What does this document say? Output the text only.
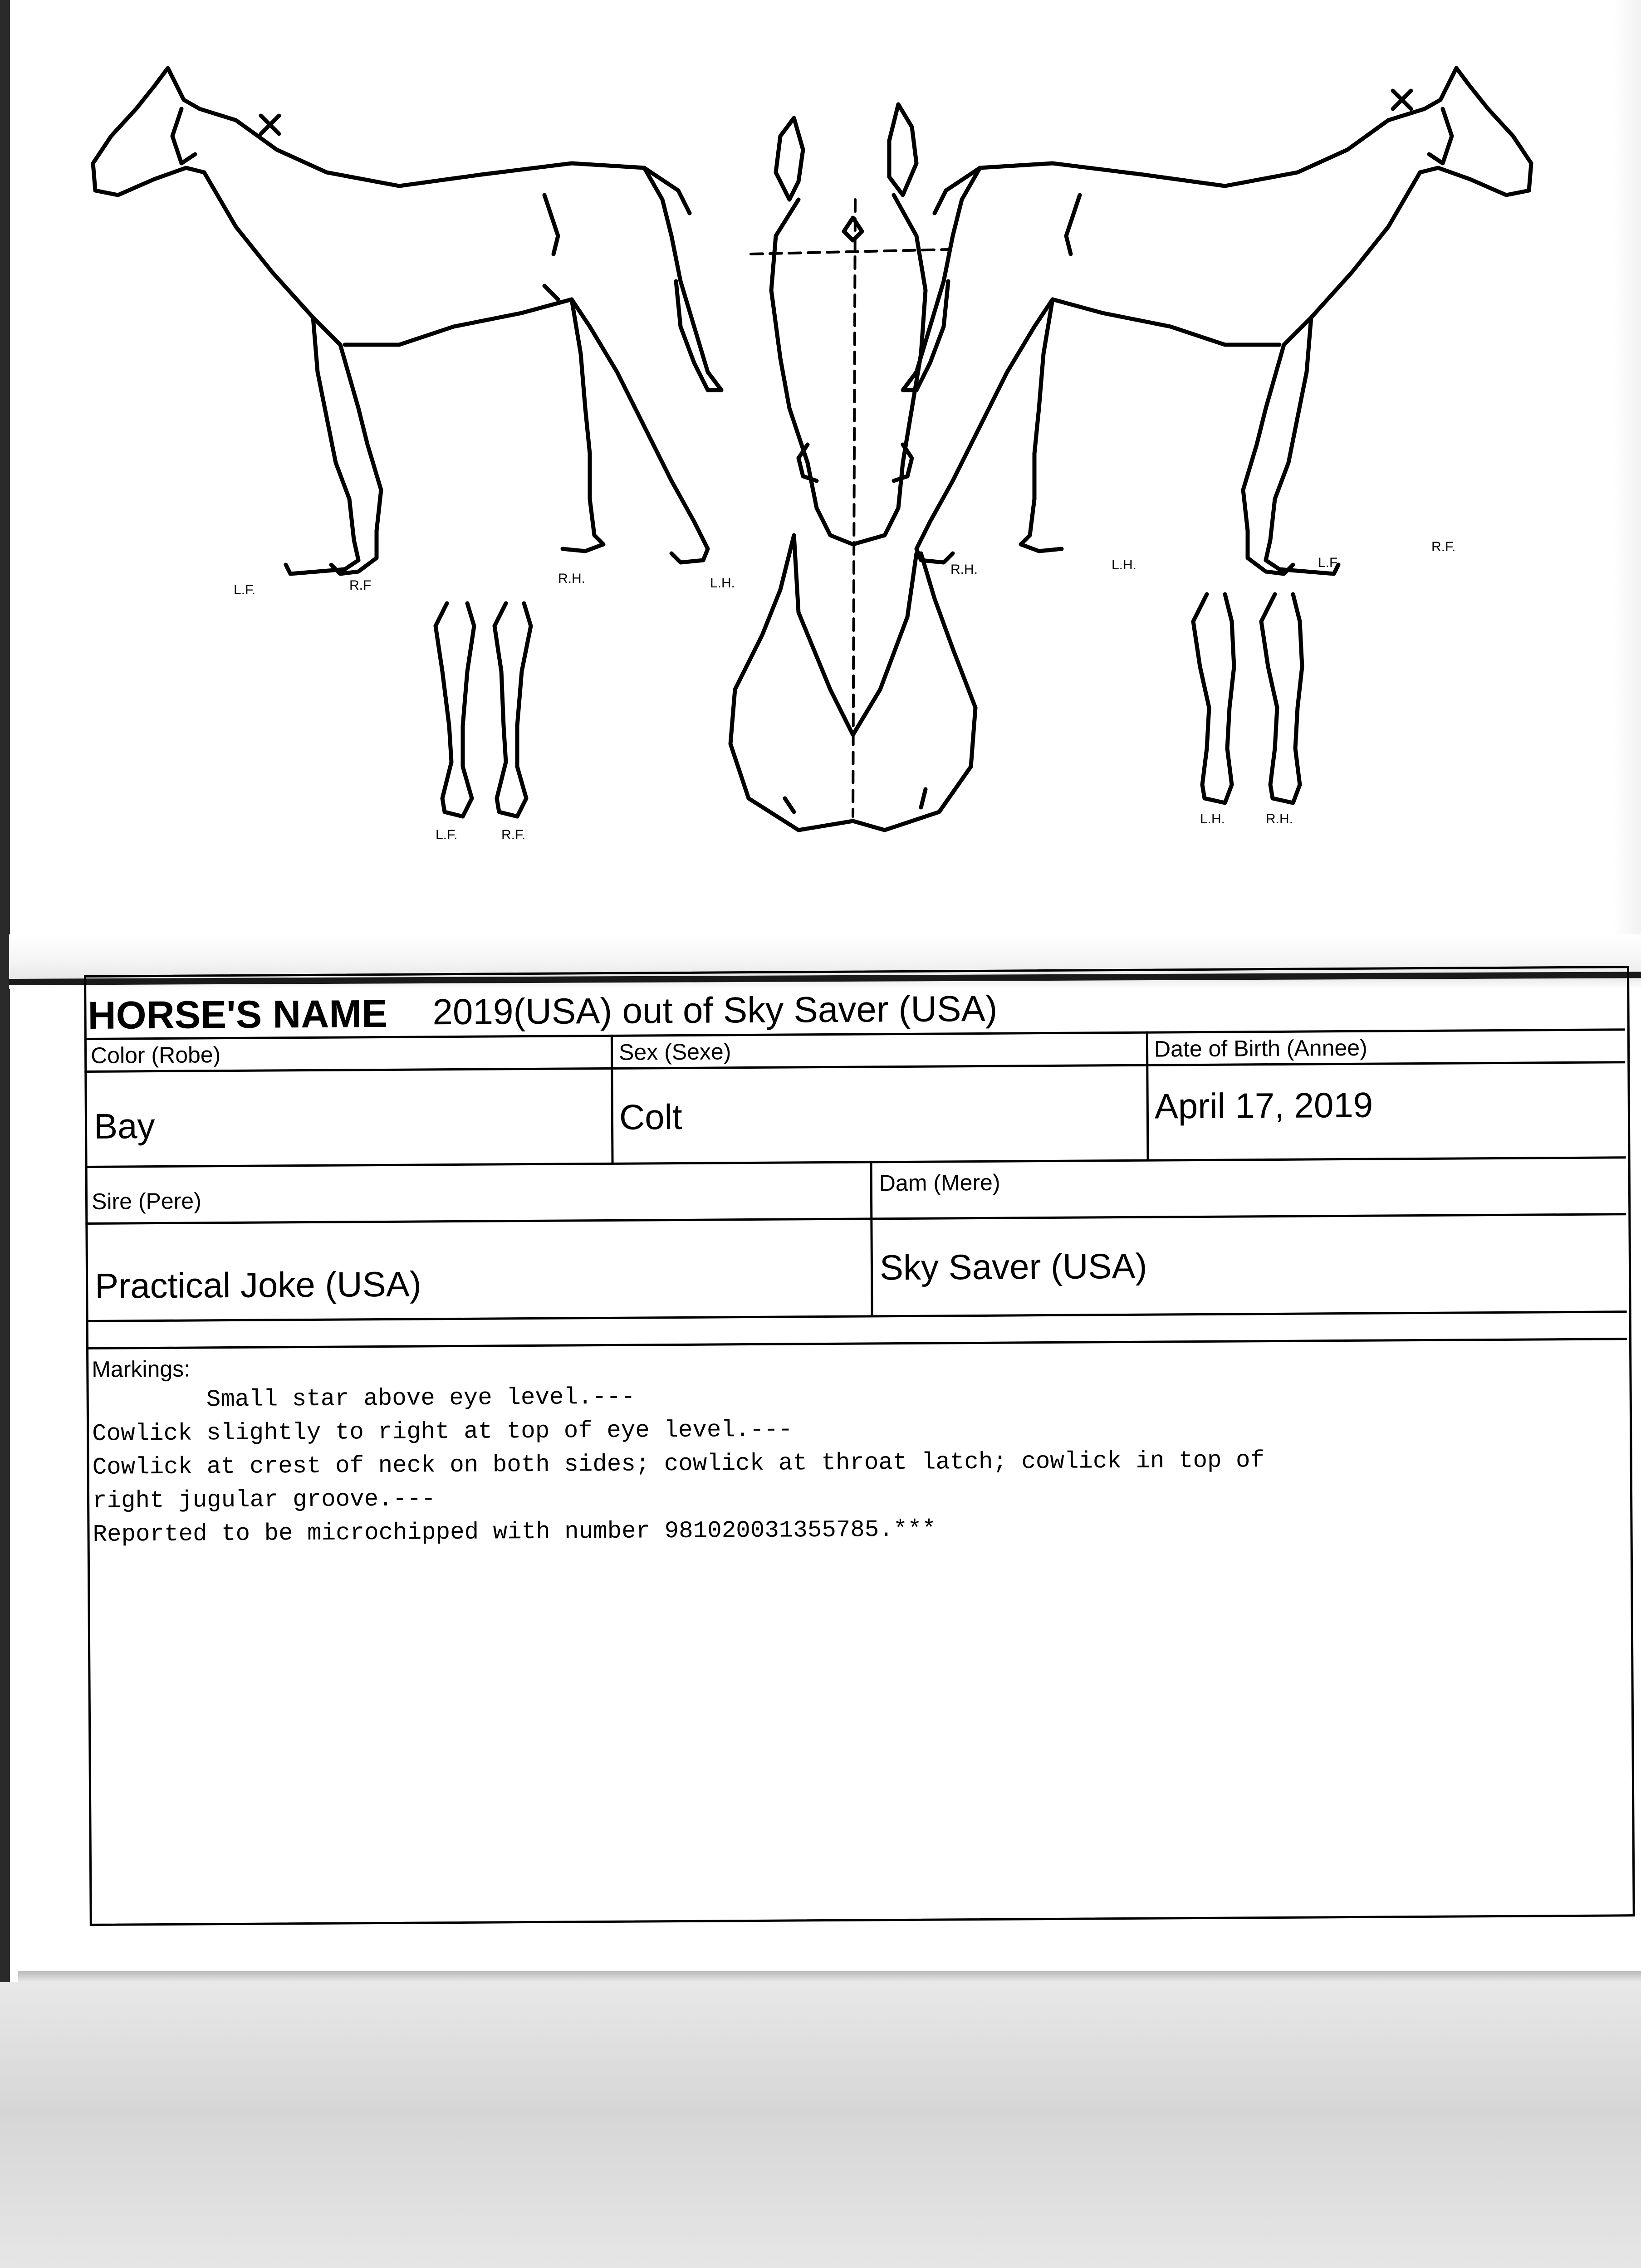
L.F.	R.F	R.H.	L.H.
R.H.	L.H.	L.F.
R.F.
L.F.	R.F.
L.H.	R.H.
HORSE'S NAME 2019(USA) out of Sky Saver (USA)
Color (Robe)
Bay
Sex (Sexe)
Colt
Date of Birth (Annee)
April 17, 2019
Sire (Pere)
Practical Joke (USA)
Dam (Mere)
Sky Saver (USA)
Markings:
Small star above eye level.---
Cowlick slightly to right at top of eye level.---
Cowlick at crest of neck on both sides; cowlick at throat latch; cowlick in top of
right jugular groove.---
Reported to be microchipped with number 981020031355785.***
